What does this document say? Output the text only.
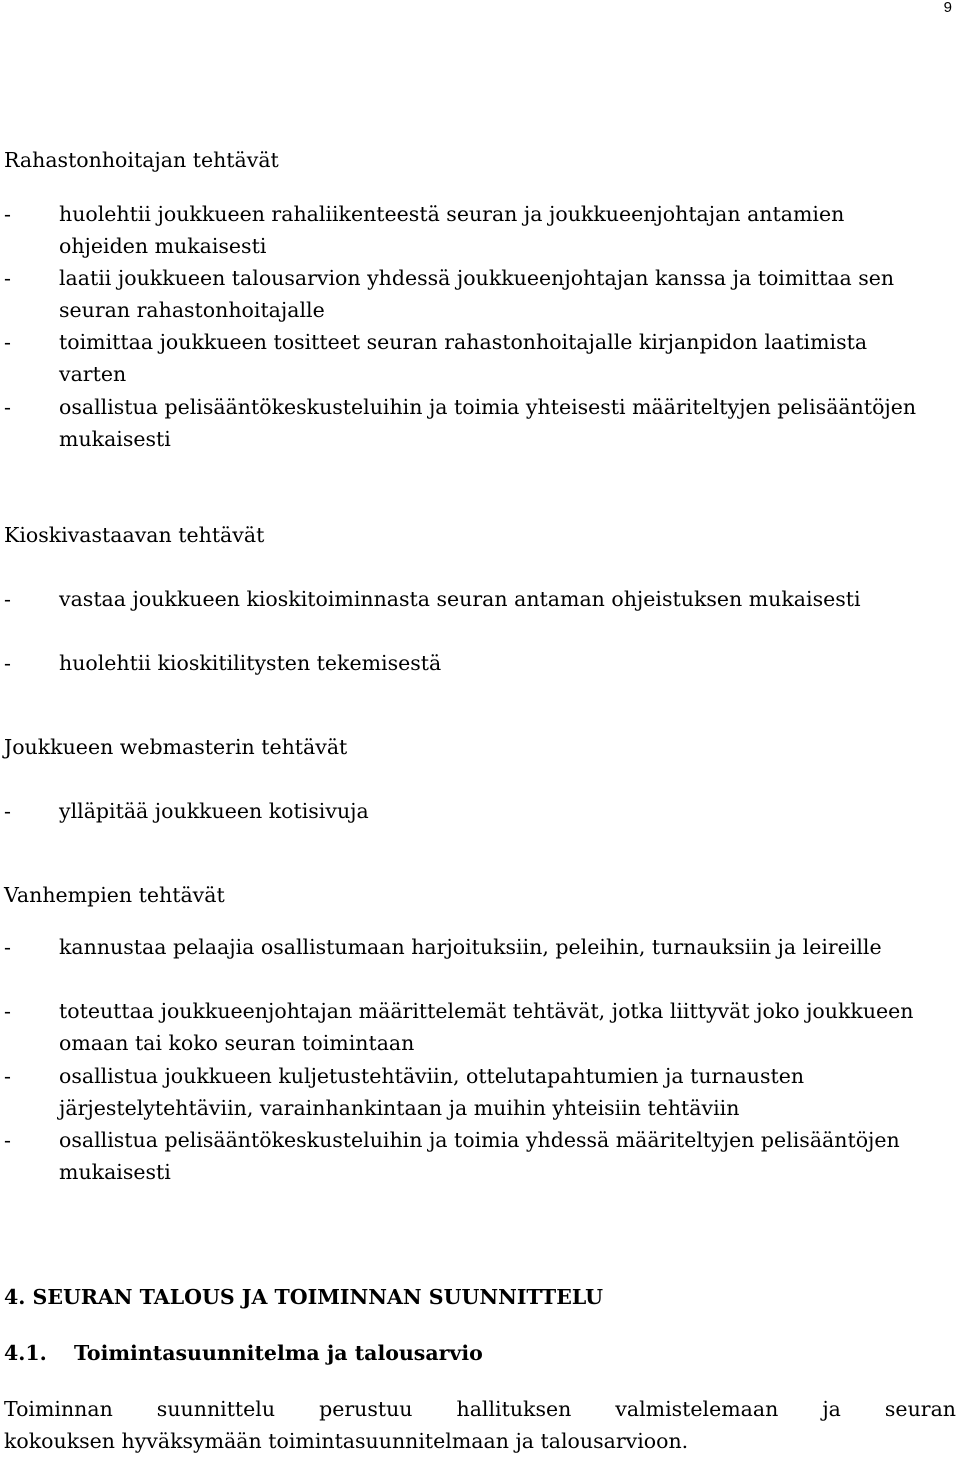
9
Rahastonhoitajan tehtävät
- huolehtii joukkueen rahaliikenteestä seuran ja joukkueenjohtajan antamien ohjeiden mukaisesti
- laatii joukkueen talousarvion yhdessä joukkueenjohtajan kanssa ja toimittaa sen seuran rahastonhoitajalle
- toimittaa joukkueen tositteet seuran rahastonhoitajalle kirjanpidon laatimista varten
- osallistua pelisääntökeskusteluihin ja toimia yhteisesti määriteltyjen pelisääntöjen mukaisesti
Kioskivastaavan tehtävät
- vastaa joukkueen kioskitoiminnasta seuran antaman ohjeistuksen mukaisesti
- huolehtii kioskitilitysten tekemisestä
Joukkueen webmasterin tehtävät
- ylläpitää joukkueen kotisivuja
Vanhempien tehtävät
- kannustaa pelaajia osallistumaan harjoituksiin, peleihin, turnauksiin ja leireille
- toteuttaa joukkueenjohtajan määrittelemät tehtävät, jotka liittyvät joko joukkueen omaan tai koko seuran toimintaan
- osallistua joukkueen kuljetustehtäviin, ottelutapahtumien ja turnausten järjestelytehtäviin, varainhankintaan ja muihin yhteisiin tehtäviin
- osallistua pelisääntökeskusteluihin ja toimia yhdessä määriteltyjen pelisääntöjen mukaisesti
4. SEURAN TALOUS JA TOIMINNAN SUUNNITTELU
4.1. Toimintasuunnitelma ja talousarvio
Toiminnan suunnittelu perustuu hallituksen valmistelemaan ja seuran
kokouksen hyväksymään toimintasuunnitelmaan ja talousarvioon.
